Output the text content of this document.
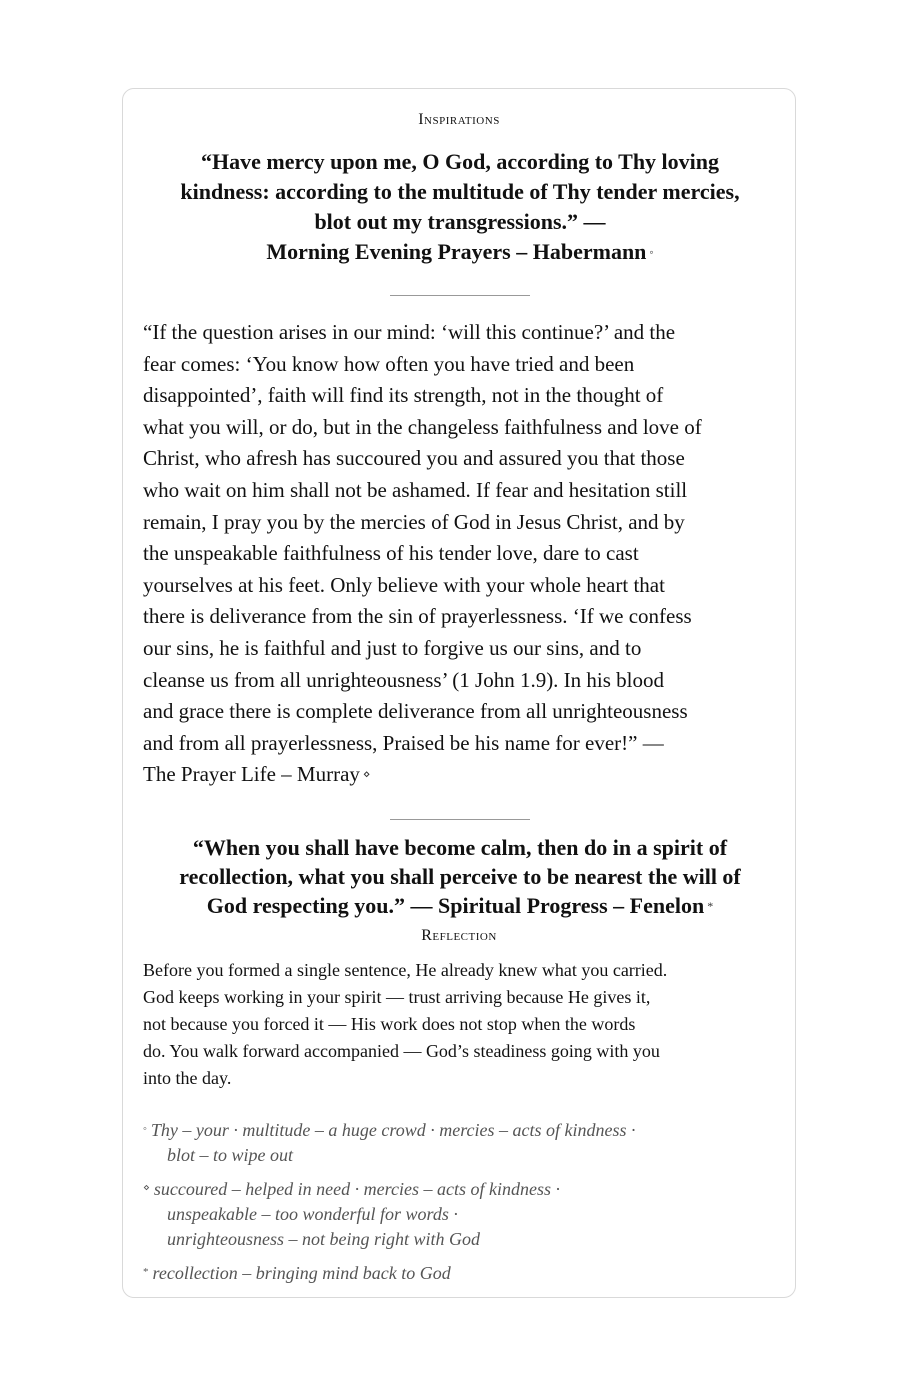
Inspirations
“Have mercy upon me, O God, according to Thy loving
kindness: according to the multitude of Thy tender mercies,
blot out my transgressions.” —
Morning Evening Prayers – Habermann ◦
“If the question arises in our mind: ‘will this continue?’ and the
fear comes: ‘You know how often you have tried and been
disappointed’, faith will find its strength, not in the thought of
what you will, or do, but in the changeless faithfulness and love of
Christ, who afresh has succoured you and assured you that those
who wait on him shall not be ashamed. If fear and hesitation still
remain, I pray you by the mercies of God in Jesus Christ, and by
the unspeakable faithfulness of his tender love, dare to cast
yourselves at his feet. Only believe with your whole heart that
there is deliverance from the sin of prayerlessness. ‘If we confess
our sins, he is faithful and just to forgive us our sins, and to
cleanse us from all unrighteousness’ (1 John 1.9). In his blood
and grace there is complete deliverance from all unrighteousness
and from all prayerlessness, Praised be his name for ever!” —
The Prayer Life – Murray ⋄
“When you shall have become calm, then do in a spirit of
recollection, what you shall perceive to be nearest the will of
God respecting you.” — Spiritual Progress – Fenelon *
Reflection
Before you formed a single sentence, He already knew what you carried.
God keeps working in your spirit — trust arriving because He gives it,
not because you forced it — His work does not stop when the words
do. You walk forward accompanied — God’s steadiness going with you
into the day.
◦ Thy – your · multitude – a huge crowd · mercies – acts of kindness ·
blot – to wipe out
⋄ succoured – helped in need · mercies – acts of kindness ·
unspeakable – too wonderful for words ·
unrighteousness – not being right with God
* recollection – bringing mind back to God
